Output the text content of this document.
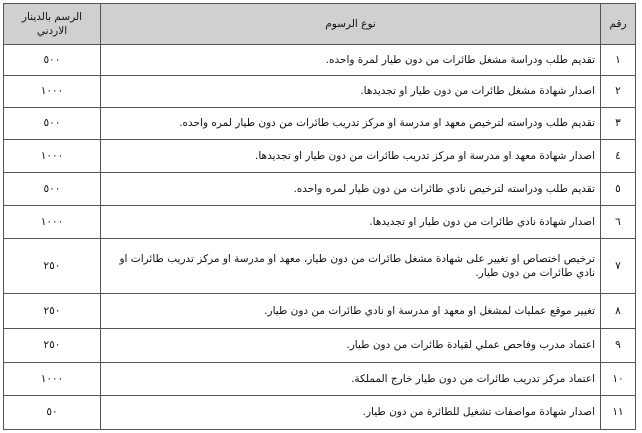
رقم	نوع الرسوم	الرسم بالدينار الاردني
١	تقديم طلب ودراسة مشغل طائرات من دون طيار لمرة واحده.	٥٠٠
٢	اصدار شهادة مشغل طائرات من دون طيار او تجديدها.	١٠٠٠
٣	تقديم طلب ودراسته لترخيص معهد او مدرسة او مركز تدريب طائرات من دون طيار لمره واحده.	٥٠٠
٤	اصدار شهادة معهد او مدرسة او مركز تدريب طائرات من دون طيار او تجديدها.	١٠٠٠
٥	تقديم طلب ودراسته لترخيص نادي طائرات من دون طيار لمره واحده.	٥٠٠
٦	اصدار شهادة نادي طائرات من دون طيار او تجديدها.	١٠٠٠
٧	ترخيص اختصاص او تغيير على شهادة مشغل طائرات من دون طيار، معهد او مدرسة او مركز تدريب طائرات او نادي طائرات من دون طيار.	٢٥٠
٨	تغيير موقع عمليات لمشغل او معهد او مدرسة او نادي طائرات من دون طيار.	٢٥٠
٩	اعتماد مدرب وفاحص عملي لقيادة طائرات من دون طيار.	٢٥٠
١٠	اعتماد مركز تدريب طائرات من دون طيار خارج المملكة.	١٠٠٠
١١	اصدار شهادة مواصفات تشغيل للطائرة من دون طيار.	٥٠
